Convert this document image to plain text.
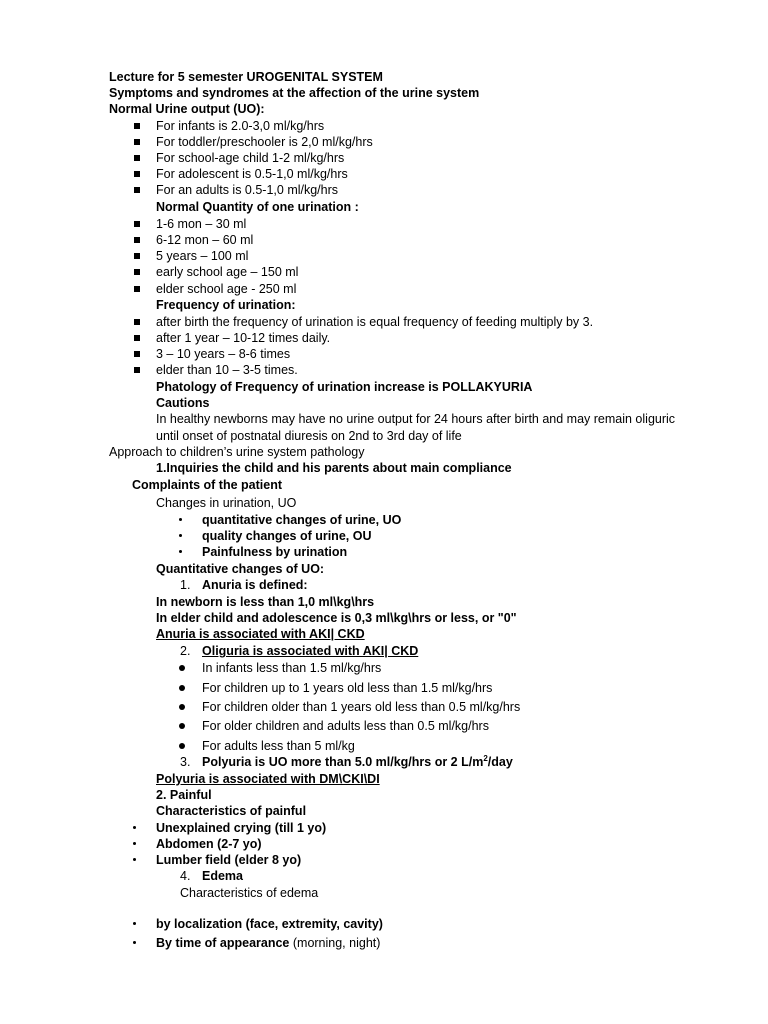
Lecture for 5 semester UROGENITAL SYSTEM
Symptoms and syndromes at the affection of the urine system
Normal Urine output (UO):
For infants is 2.0-3,0 ml/kg/hrs
For toddler/preschooler is 2,0 ml/kg/hrs
For school-age child 1-2 ml/kg/hrs
For adolescent is 0.5-1,0 ml/kg/hrs
For an adults is 0.5-1,0 ml/kg/hrs
Normal Quantity of one urination :
1-6 mon – 30 ml
6-12 mon – 60 ml
5 years – 100 ml
early school age – 150 ml
elder school age - 250 ml
Frequency of urination:
after birth the frequency of urination is equal frequency of feeding multiply by 3.
after 1 year – 10-12 times daily.
3 – 10 years – 8-6 times
elder than 10 – 3-5 times.
Phatology of Frequency of urination increase is POLLAKYURIA
Cautions
In healthy newborns may have no urine output for 24 hours after birth and may remain oliguric
until onset of postnatal diuresis on 2nd to 3rd day of life
Approach to children’s urine system pathology
1.Inquiries the child and his parents about main compliance
Complaints of the patient
Changes in urination, UO
quantitative changes of urine, UO
quality changes of urine, OU
Painfulness by urination
Quantitative changes of UO:
1. Anuria is defined:
In newborn is less than 1,0 ml\kg\hrs
In elder child and adolescence is 0,3 ml\kg\hrs or less, or "0"
Anuria is associated with AKI| CKD
2. Oliguria is associated with AKI| CKD
In infants less than 1.5 ml/kg/hrs
For children up to 1 years old less than 1.5 ml/kg/hrs
For children older than 1 years old less than 0.5 ml/kg/hrs
For older children and adults less than 0.5 ml/kg/hrs
For adults less than 5 ml/kg
3. Polyuria is UO more than 5.0 ml/kg/hrs or 2 $L/m^2$/day
Polyuria is associated with DM\CKI\DI
2. Painful
Characteristics of painful
Unexplained crying (till 1 yo)
Abdomen (2-7 yo)
Lumber field (elder 8 yo)
4. Edema
Characteristics of edema
by localization (face, extremity, cavity)
By time of appearance (morning, night)
